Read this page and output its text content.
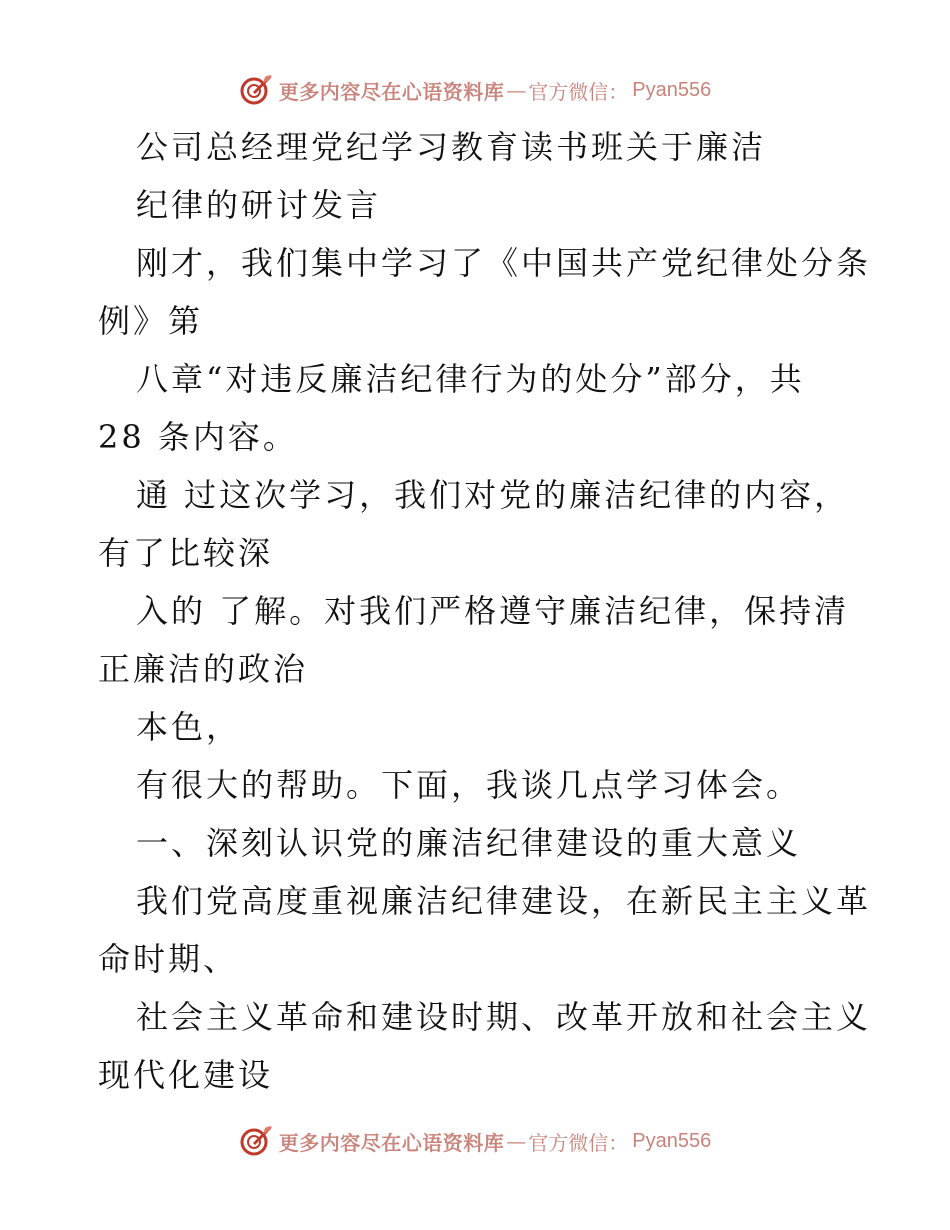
更多内容尽在心语资料库 — 官方微信： Pyan556
公司总经理党纪学习教育读书班关于廉洁
纪律的研讨发言
刚才，我们集中学习了《中国共产党纪律处分条
例》第
八章“对违反廉洁纪律行为的处分”部分，共
28 条内容。
通 过这次学习，我们对党的廉洁纪律的内容，
有了比较深
入的 了解。对我们严格遵守廉洁纪律，保持清
正廉洁的政治
本色，
有很大的帮助。下面，我谈几点学习体会。
一、深刻认识党的廉洁纪律建设的重大意义
我们党高度重视廉洁纪律建设，在新民主主义革
命时期、
社会主义革命和建设时期、改革开放和社会主义
现代化建设
更多内容尽在心语资料库 — 官方微信： Pyan556
